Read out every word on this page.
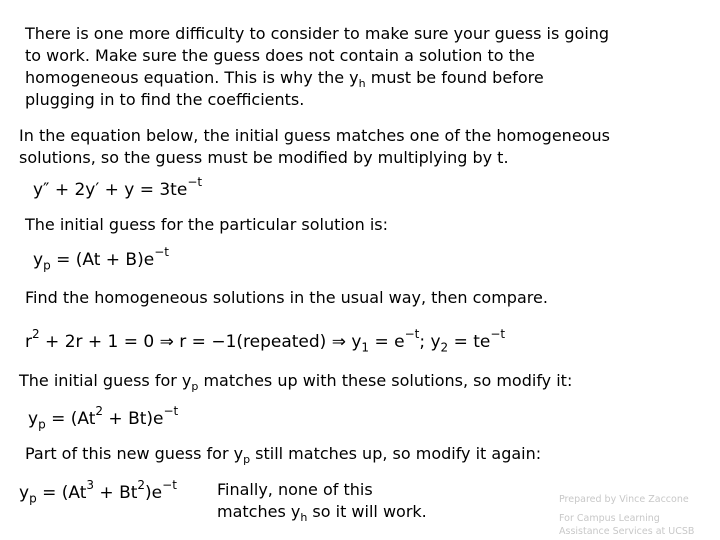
There is one more difficulty to consider to make sure your guess is going
to work. Make sure the guess does not contain a solution to the
homogeneous equation. This is why the $y_h$ must be found before
plugging in to find the coefficients.
In the equation below, the initial guess matches one of the homogeneous
solutions, so the guess must be modified by multiplying by t.
$y'' + 2y' + y = 3te^{-t}$
The initial guess for the particular solution is:
$y_p = (At + B)e^{-t}$
Find the homogeneous solutions in the usual way, then compare.
$r^2 + 2r + 1 = 0$ ⇒ r = −1(repeated) ⇒ $y_1 = e^{-t}$; $y_2 = te^{-t}$
The initial guess for $y_p$ matches up with these solutions, so modify it:
$y_p = (At^2 + Bt)e^{-t}$
Part of this new guess for $y_p$ still matches up, so modify it again:
$y_p = (At^3 + Bt^2)e^{-t}$	Finally, none of this
matches $y_h$ so it will work.
Prepared by Vince Zaccone
For Campus Learning
Assistance Services at UCSB
